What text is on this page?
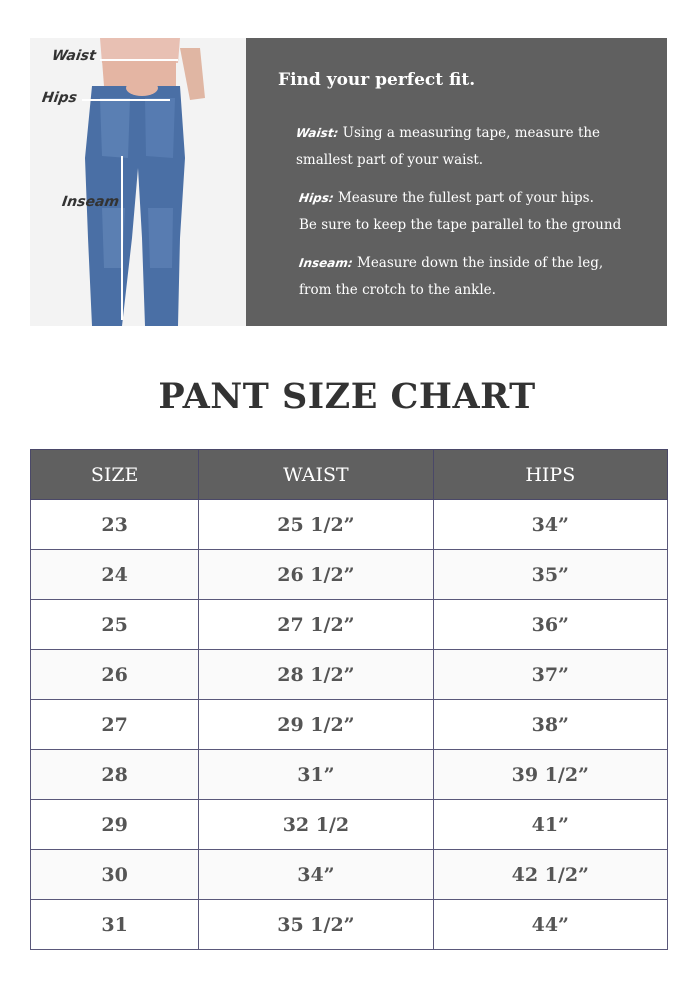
Waist
Hips
Inseam
Find your perfect fit.
Waist: Using a measuring tape, measure the
smallest part of your waist.
Hips: Measure the fullest part of your hips.
Be sure to keep the tape parallel to the ground
Inseam: Measure down the inside of the leg,
from the crotch to the ankle.
PANT SIZE CHART
SIZE	WAIST	HIPS
23	25 1/2”	34”
24	26 1/2”	35”
25	27 1/2”	36”
26	28 1/2”	37”
27	29 1/2”	38”
28	31”	39 1/2”
29	32 1/2	41”
30	34”	42 1/2”
31	35 1/2”	44”
